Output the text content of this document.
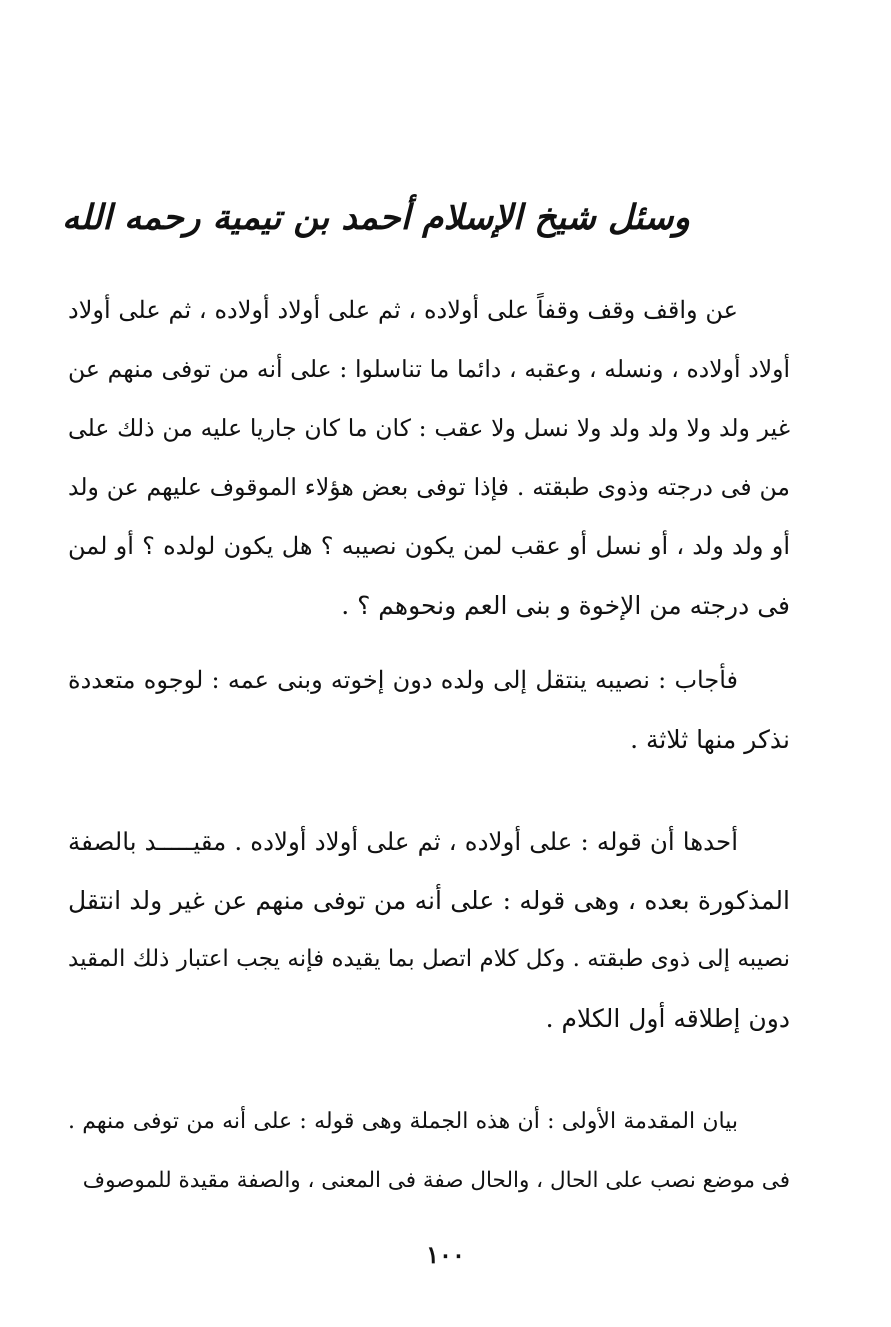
وسئل شيخ الإسلام أحمد بن تيمية رحمه الله
عن واقف وقف وقفاً على أولاده ، ثم على أولاد أولاده ، ثم على أولاد
أولاد أولاده ، ونسله ، وعقبه ، دائما ما تناسلوا : على أنه من توفى منهم عن
غير ولد ولا ولد ولد ولا نسل ولا عقب : كان ما كان جاريا عليه من ذلك على
من فى درجته وذوى طبقته . فإذا توفى بعض هؤلاء الموقوف عليهم عن ولد
أو ولد ولد ، أو نسل أو عقب لمن يكون نصيبه ؟ هل يكون لولده ؟ أو لمن
فى درجته من الإخوة و بنى العم ونحوهم ؟ .
فأجاب : نصيبه ينتقل إلى ولده دون إخوته وبنى عمه : لوجوه متعددة
نذكر منها ثلاثة .
أحدها أن قوله : على أولاده ، ثم على أولاد أولاده . مقيـــــد بالصفة
المذكورة بعده ، وهى قوله : على أنه من توفى منهم عن غير ولد انتقل
نصيبه إلى ذوى طبقته . وكل كلام اتصل بما يقيده فإنه يجب اعتبار ذلك المقيد
دون إطلاقه أول الكلام .
بيان المقدمة الأولى : أن هذه الجملة وهى قوله : على أنه من توفى منهم .
فى موضع نصب على الحال ، والحال صفة فى المعنى ، والصفة مقيدة للموصوف
١٠٠
